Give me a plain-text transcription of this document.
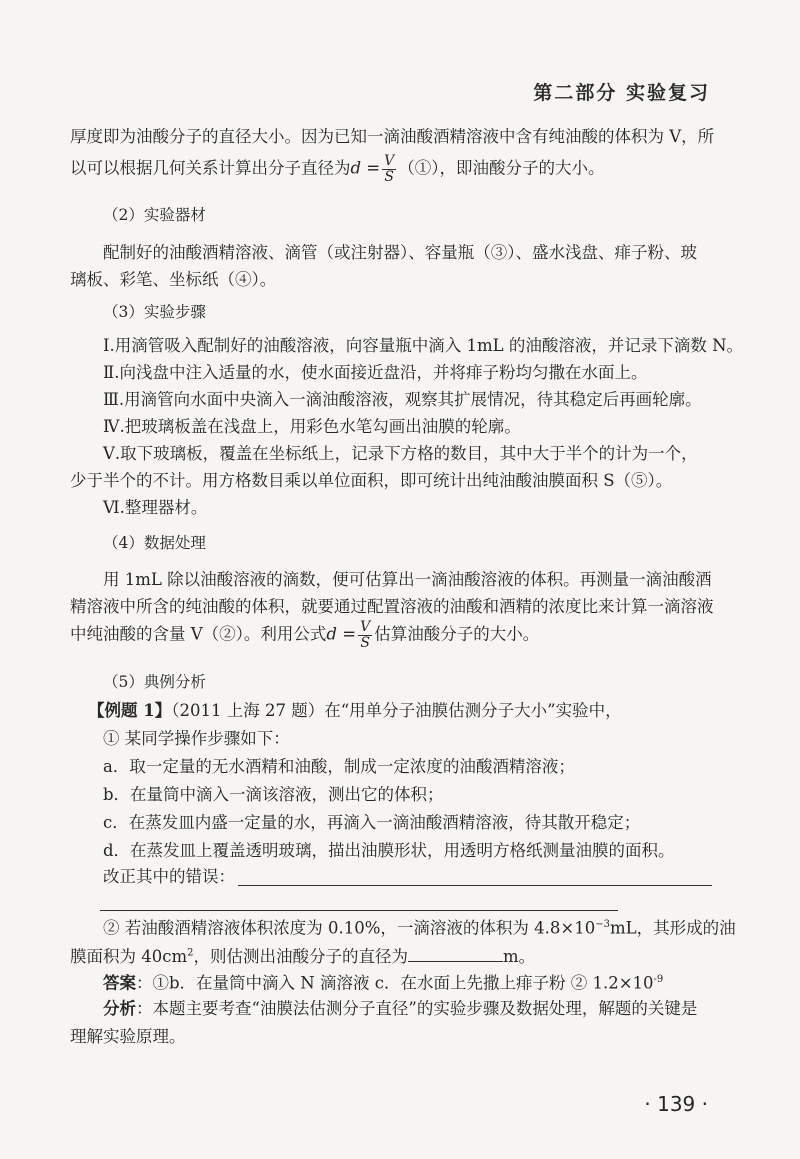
第二部分 实验复习
厚度即为油酸分子的直径大小。因为已知一滴油酸酒精溶液中含有纯油酸的体积为 V，所
以可以根据几何关系计算出分子直径为$d = \frac{V}{S}$ （①），即油酸分子的大小。
（2）实验器材
配制好的油酸酒精溶液、滴管（或注射器）、容量瓶（③）、盛水浅盘、痱子粉、玻
璃板、彩笔、坐标纸（④）。
（3）实验步骤
Ⅰ.用滴管吸入配制好的油酸溶液，向容量瓶中滴入 1mL 的油酸溶液，并记录下滴数 N。
Ⅱ.向浅盘中注入适量的水，使水面接近盘沿，并将痱子粉均匀撒在水面上。
Ⅲ.用滴管向水面中央滴入一滴油酸溶液，观察其扩展情况，待其稳定后再画轮廓。
Ⅳ.把玻璃板盖在浅盘上，用彩色水笔勾画出油膜的轮廓。
Ⅴ.取下玻璃板，覆盖在坐标纸上，记录下方格的数目，其中大于半个的计为一个，
少于半个的不计。用方格数目乘以单位面积，即可统计出纯油酸油膜面积 S（⑤）。
Ⅵ.整理器材。
（4）数据处理
用 1mL 除以油酸溶液的滴数，便可估算出一滴油酸溶液的体积。再测量一滴油酸酒
精溶液中所含的纯油酸的体积，就要通过配置溶液的油酸和酒精的浓度比来计算一滴溶液
中纯油酸的含量 V（②）。利用公式$d = \frac{V}{S}$ 估算油酸分子的大小。
（5）典例分析
【例题 1】（2011 上海 27 题）在“用单分子油膜估测分子大小”实验中，
① 某同学操作步骤如下：
a．取一定量的无水酒精和油酸，制成一定浓度的油酸酒精溶液；
b．在量筒中滴入一滴该溶液，测出它的体积；
c．在蒸发皿内盛一定量的水，再滴入一滴油酸酒精溶液，待其散开稳定；
d．在蒸发皿上覆盖透明玻璃，描出油膜形状，用透明方格纸测量油膜的面积。
改正其中的错误：
② 若油酸酒精溶液体积浓度为 0.10%，一滴溶液的体积为 $4.8\times 10^{-3}mL$，其形成的油
膜面积为 $40cm^2$，则估测出油酸分子的直径为	m。
答案：①b．在量筒中滴入 N 滴溶液 c．在水面上先撒上痱子粉 ② $1.2\times 10^{-9}$
分析：本题主要考查“油膜法估测分子直径”的实验步骤及数据处理，解题的关键是
理解实验原理。
· 139 ·
